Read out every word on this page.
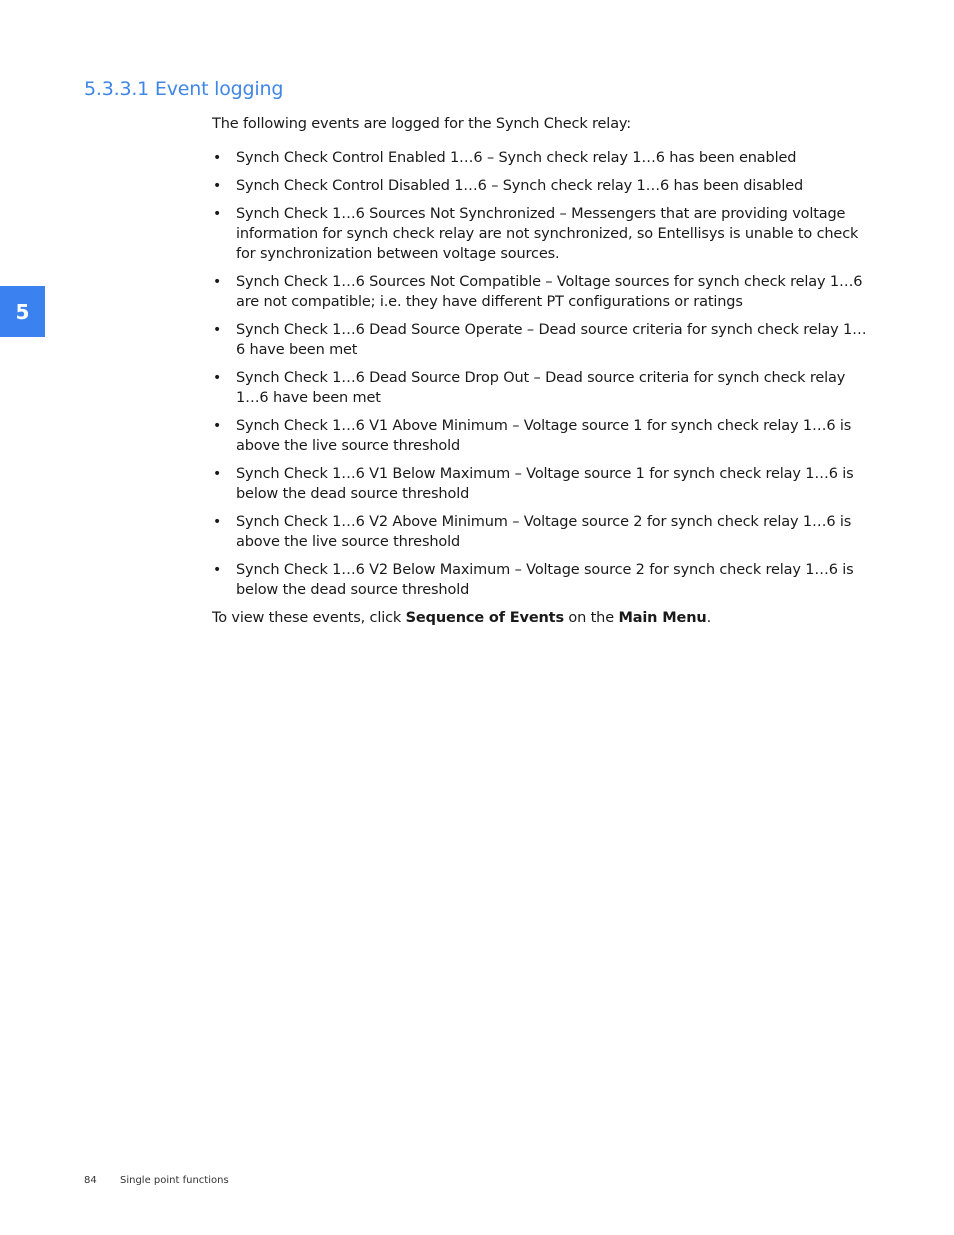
5.3.3.1 Event logging
5

The following events are logged for the Synch Check relay:

• Synch Check Control Enabled 1…6 – Synch check relay 1…6 has been enabled
• Synch Check Control Disabled 1…6 – Synch check relay 1…6 has been disabled
• Synch Check 1…6 Sources Not Synchronized – Messengers that are providing voltage information for synch check relay are not synchronized, so Entellisys is unable to check for synchronization between voltage sources.
• Synch Check 1…6 Sources Not Compatible – Voltage sources for synch check relay 1…6 are not compatible; i.e. they have different PT configurations or ratings
• Synch Check 1…6 Dead Source Operate – Dead source criteria for synch check relay 1…6 have been met
• Synch Check 1…6 Dead Source Drop Out – Dead source criteria for synch check relay 1…6 have been met
• Synch Check 1…6 V1 Above Minimum – Voltage source 1 for synch check relay 1…6 is above the live source threshold
• Synch Check 1…6 V1 Below Maximum – Voltage source 1 for synch check relay 1…6 is below the dead source threshold
• Synch Check 1…6 V2 Above Minimum – Voltage source 2 for synch check relay 1…6 is above the live source threshold
• Synch Check 1…6 V2 Below Maximum – Voltage source 2 for synch check relay 1…6 is below the dead source threshold

To view these events, click Sequence of Events on the Main Menu.

84 Single point functions
